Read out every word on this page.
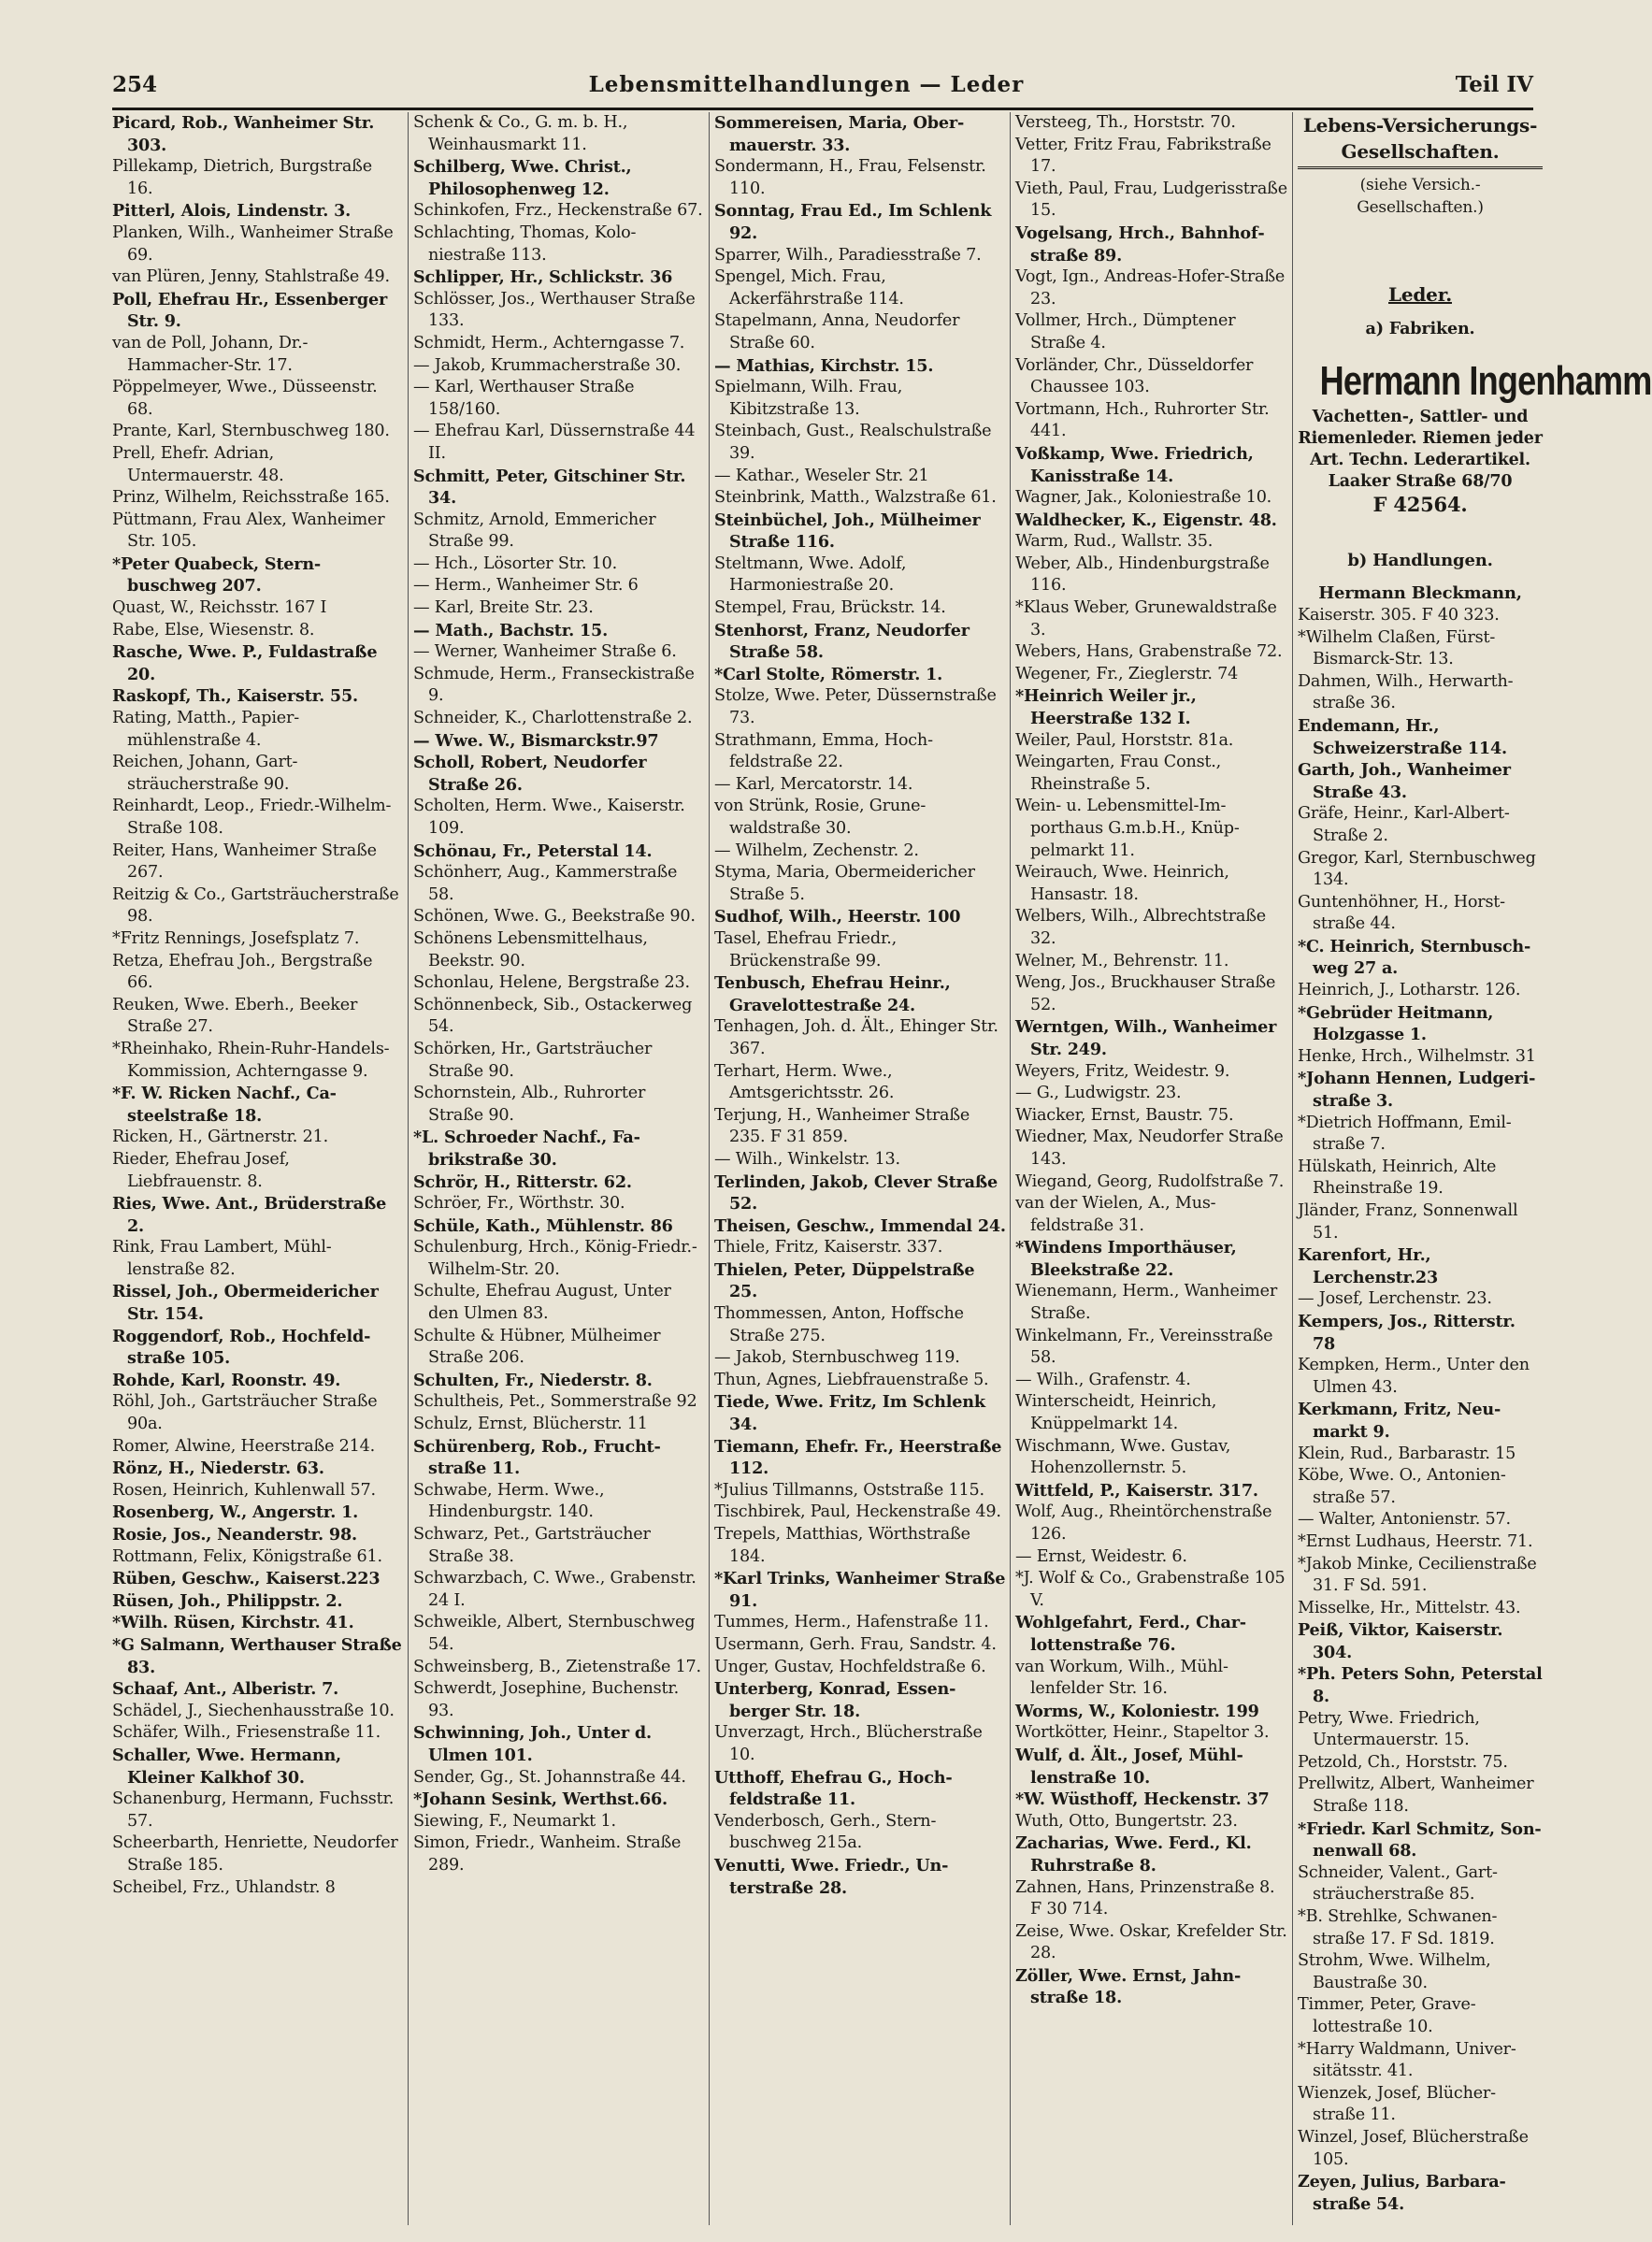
254	Lebensmittelhandlungen — Leder	Teil IV
Picard, Rob., Wanheimer Str. 303.
Pillekamp, Dietrich, Burgstraße 16.
Pitterl, Alois, Lindenstr. 3.
Planken, Wilh., Wanheimer Straße 69.
van Plüren, Jenny, Stahlstraße 49.
Poll, Ehefrau Hr., Essenberger Str. 9.
van de Poll, Johann, Dr.-Hammacher-Str. 17.
Pöppelmeyer, Wwe., Düsseenstr. 68.
Prante, Karl, Sternbuschweg 180.
Prell, Ehefr. Adrian, Untermauerstr. 48.
Prinz, Wilhelm, Reichsstraße 165.
Püttmann, Frau Alex, Wanheimer Str. 105.
*Peter Quabeck, Sternbuschweg 207.
Quast, W., Reichsstr. 167 I
Rabe, Else, Wiesenstr. 8.
Rasche, Wwe. P., Fuldastraße 20.
Raskopf, Th., Kaiserstr. 55.
Rating, Matth., Papiermühlenstraße 4.
Reichen, Johann, Gartsträucherstraße 90.
Reinhardt, Leop., Friedr.-Wilhelm-Straße 108.
Reiter, Hans, Wanheimer Straße 267.
Reitzig & Co., Gartsträucherstraße 98.
*Fritz Rennings, Josefsplatz 7.
Retza, Ehefrau Joh., Bergstraße 66.
Reuken, Wwe. Eberh., Beeker Straße 27.
*Rheinhako, Rhein-Ruhr-Handels-Kommission, Achterngasse 9.
*F. W. Ricken Nachf., Casteelstraße 18.
Ricken, H., Gärtnerstr. 21.
Rieder, Ehefrau Josef, Liebfrauenstr. 8.
Ries, Wwe. Ant., Brüderstraße 2.
Rink, Frau Lambert, Mühllenstraße 82.
Rissel, Joh., Obermeidericher Str. 154.
Roggendorf, Rob., Hochfeldstraße 105.
Rohde, Karl, Roonstr. 49.
Röhl, Joh., Gartsträucher Straße 90a.
Romer, Alwine, Heerstraße 214.
Rönz, H., Niederstr. 63.
Rosen, Heinrich, Kuhlenwall 57.
Rosenberg, W., Angerstr. 1.
Rosie, Jos., Neanderstr. 98.
Rottmann, Felix, Königstraße 61.
Rüben, Geschw., Kaiserst.223
Rüsen, Joh., Philippstr. 2.
*Wilh. Rüsen, Kirchstr. 41.
*G Salmann, Werthauser Straße 83.
Schaaf, Ant., Alberistr. 7.
Schädel, J., Siechenhausstraße 10.
Schäfer, Wilh., Friesenstraße 11.
Schaller, Wwe. Hermann, Kleiner Kalkhof 30.
Schanenburg, Hermann, Fuchsstr. 57.
Scheerbarth, Henriette, Neudorfer Straße 185.
Scheibel, Frz., Uhlandstr. 8
Schenk & Co., G. m. b. H., Weinhausmarkt 11.
Schilberg, Wwe. Christ., Philosophenweg 12.
Schinkofen, Frz., Heckenstraße 67.
Schlachting, Thomas, Koloniestraße 113.
Schlipper, Hr., Schlickstr. 36
Schlösser, Jos., Werthauser Straße 133.
Schmidt, Herm., Achterngasse 7.
— Jakob, Krummacherstraße 30.
— Karl, Werthauser Straße 158/160.
— Ehefrau Karl, Düssernstraße 44 II.
Schmitt, Peter, Gitschiner Str. 34.
Schmitz, Arnold, Emmericher Straße 99.
— Hch., Lösorter Str. 10.
— Herm., Wanheimer Str. 6
— Karl, Breite Str. 23.
— Math., Bachstr. 15.
— Werner, Wanheimer Straße 6.
Schmude, Herm., Franseckistraße 9.
Schneider, K., Charlottenstraße 2.
— Wwe. W., Bismarckstr.97
Scholl, Robert, Neudorfer Straße 26.
Scholten, Herm. Wwe., Kaiserstr. 109.
Schönau, Fr., Peterstal 14.
Schönherr, Aug., Kammerstraße 58.
Schönen, Wwe. G., Beekstraße 90.
Schönens Lebensmittelhaus, Beekstr. 90.
Schonlau, Helene, Bergstraße 23.
Schönnenbeck, Sib., Ostackerweg 54.
Schörken, Hr., Gartsträucher Straße 90.
Schornstein, Alb., Ruhrorter Straße 90.
*L. Schroeder Nachf., Fabrikstraße 30.
Schrör, H., Ritterstr. 62.
Schröer, Fr., Wörthstr. 30.
Schüle, Kath., Mühlenstr. 86
Schulenburg, Hrch., König-Friedr.-Wilhelm-Str. 20.
Schulte, Ehefrau August, Unter den Ulmen 83.
Schulte & Hübner, Mülheimer Straße 206.
Schulten, Fr., Niederstr. 8.
Schultheis, Pet., Sommerstraße 92
Schulz, Ernst, Blücherstr. 11
Schürenberg, Rob., Fruchtstraße 11.
Schwabe, Herm. Wwe., Hindenburgstr. 140.
Schwarz, Pet., Gartsträucher Straße 38.
Schwarzbach, C. Wwe., Grabenstr. 24 I.
Schweikle, Albert, Sternbuschweg 54.
Schweinsberg, B., Zietenstraße 17.
Schwerdt, Josephine, Buchenstr. 93.
Schwinning, Joh., Unter d. Ulmen 101.
Sender, Gg., St. Johannstraße 44.
*Johann Sesink, Werthst.66.
Siewing, F., Neumarkt 1.
Simon, Friedr., Wanheim. Straße 289.
Sommereisen, Maria, Obermauerstr. 33.
Sondermann, H., Frau, Felsenstr. 110.
Sonntag, Frau Ed., Im Schlenk 92.
Sparrer, Wilh., Paradiesstraße 7.
Spengel, Mich. Frau, Ackerfährstraße 114.
Stapelmann, Anna, Neudorfer Straße 60.
— Mathias, Kirchstr. 15.
Spielmann, Wilh. Frau, Kibitzstraße 13.
Steinbach, Gust., Realschulstraße 39.
— Kathar., Weseler Str. 21
Steinbrink, Matth., Walzstraße 61.
Steinbüchel, Joh., Mülheimer Straße 116.
Steltmann, Wwe. Adolf, Harmoniestraße 20.
Stempel, Frau, Brückstr. 14.
Stenhorst, Franz, Neudorfer Straße 58.
*Carl Stolte, Römerstr. 1.
Stolze, Wwe. Peter, Düssernstraße 73.
Strathmann, Emma, Hochfeldstraße 22.
— Karl, Mercatorstr. 14.
von Strünk, Rosie, Grunewaldstraße 30.
— Wilhelm, Zechenstr. 2.
Styma, Maria, Obermeidericher Straße 5.
Sudhof, Wilh., Heerstr. 100
Tasel, Ehefrau Friedr., Brückenstraße 99.
Tenbusch, Ehefrau Heinr., Gravelottestraße 24.
Tenhagen, Joh. d. Ält., Ehinger Str. 367.
Terhart, Herm. Wwe., Amtsgerichtsstr. 26.
Terjung, H., Wanheimer Straße 235. F 31 859.
— Wilh., Winkelstr. 13.
Terlinden, Jakob, Clever Straße 52.
Theisen, Geschw., Immendal 24.
Thiele, Fritz, Kaiserstr. 337.
Thielen, Peter, Düppelstraße 25.
Thommessen, Anton, Hoffsche Straße 275.
— Jakob, Sternbuschweg 119.
Thun, Agnes, Liebfrauenstraße 5.
Tiede, Wwe. Fritz, Im Schlenk 34.
Tiemann, Ehefr. Fr., Heerstraße 112.
*Julius Tillmanns, Oststraße 115.
Tischbirek, Paul, Heckenstraße 49.
Trepels, Matthias, Wörthstraße 184.
*Karl Trinks, Wanheimer Straße 91.
Tummes, Herm., Hafenstraße 11.
Usermann, Gerh. Frau, Sandstr. 4.
Unger, Gustav, Hochfeldstraße 6.
Unterberg, Konrad, Essenberger Str. 18.
Unverzagt, Hrch., Blücherstraße 10.
Utthoff, Ehefrau G., Hochfeldstraße 11.
Venderbosch, Gerh., Sternbuschweg 215a.
Venutti, Wwe. Friedr., Unterstraße 28.
Versteeg, Th., Horststr. 70.
Vetter, Fritz Frau, Fabrikstraße 17.
Vieth, Paul, Frau, Ludgerisstraße 15.
Vogelsang, Hrch., Bahnhofstraße 89.
Vogt, Ign., Andreas-Hofer-Straße 23.
Vollmer, Hrch., Dümptener Straße 4.
Vorländer, Chr., Düsseldorfer Chaussee 103.
Vortmann, Hch., Ruhrorter Str. 441.
Voßkamp, Wwe. Friedrich, Kanisstraße 14.
Wagner, Jak., Koloniestraße 10.
Waldhecker, K., Eigenstr. 48.
Warm, Rud., Wallstr. 35.
Weber, Alb., Hindenburgstraße 116.
*Klaus Weber, Grunewaldstraße 3.
Webers, Hans, Grabenstraße 72.
Wegener, Fr., Zieglerstr. 74
*Heinrich Weiler jr., Heerstraße 132 I.
Weiler, Paul, Horststr. 81a.
Weingarten, Frau Const., Rheinstraße 5.
Wein- u. Lebensmittel-Importhaus G.m.b.H., Knüppelmarkt 11.
Weirauch, Wwe. Heinrich, Hansastr. 18.
Welbers, Wilh., Albrechtstraße 32.
Welner, M., Behrenstr. 11.
Weng, Jos., Bruckhauser Straße 52.
Werntgen, Wilh., Wanheimer Str. 249.
Weyers, Fritz, Weidestr. 9.
— G., Ludwigstr. 23.
Wiacker, Ernst, Baustr. 75.
Wiedner, Max, Neudorfer Straße 143.
Wiegand, Georg, Rudolfstraße 7.
van der Wielen, A., Musfeldstraße 31.
*Windens Importhäuser, Bleekstraße 22.
Wienemann, Herm., Wanheimer Straße.
Winkelmann, Fr., Vereinsstraße 58.
— Wilh., Grafenstr. 4.
Winterscheidt, Heinrich, Knüppelmarkt 14.
Wischmann, Wwe. Gustav, Hohenzollernstr. 5.
Wittfeld, P., Kaiserstr. 317.
Wolf, Aug., Rheintörchenstraße 126.
— Ernst, Weidestr. 6.
*J. Wolf & Co., Grabenstraße 105 V.
Wohlgefahrt, Ferd., Charlottenstraße 76.
van Workum, Wilh., Mühllenfelder Str. 16.
Worms, W., Koloniestr. 199
Wortkötter, Heinr., Stapeltor 3.
Wulf, d. Ält., Josef, Mühllenstraße 10.
*W. Wüsthoff, Heckenstr. 37
Wuth, Otto, Bungertstr. 23.
Zacharias, Wwe. Ferd., Kl. Ruhrstraße 8.
Zahnen, Hans, Prinzenstraße 8. F 30 714.
Zeise, Wwe. Oskar, Krefelder Str. 28.
Zöller, Wwe. Ernst, Jahnstraße 18.
Lebens-Versicherungs-Gesellschaften.
(siehe Versich.-Gesellschaften.)
Leder.
a) Fabriken.
Hermann Ingenhamm
Vachetten-, Sattler- und
Riemenleder. Riemen jeder
Art. Techn. Lederartikel.
Laaker Straße 68/70
F 42564.
b) Handlungen.
Hermann Bleckmann,
Kaiserstr. 305. F 40 323.
*Wilhelm Claßen, Fürst-Bismarck-Str. 13.
Dahmen, Wilh., Herwarthstraße 36.
Endemann, Hr., Schweizerstraße 114.
Garth, Joh., Wanheimer Straße 43.
Gräfe, Heinr., Karl-Albert-Straße 2.
Gregor, Karl, Sternbuschweg 134.
Guntenhöhner, H., Horststraße 44.
*C. Heinrich, Sternbuschweg 27 a.
Heinrich, J., Lotharstr. 126.
*Gebrüder Heitmann, Holzgasse 1.
Henke, Hrch., Wilhelmstr. 31
*Johann Hennen, Ludgeristraße 3.
*Dietrich Hoffmann, Emilstraße 7.
Hülskath, Heinrich, Alte Rheinstraße 19.
Jländer, Franz, Sonnenwall 51.
Karenfort, Hr., Lerchenstr.23
— Josef, Lerchenstr. 23.
Kempers, Jos., Ritterstr. 78
Kempken, Herm., Unter den Ulmen 43.
Kerkmann, Fritz, Neumarkt 9.
Klein, Rud., Barbarastr. 15
Köbe, Wwe. O., Antonienstraße 57.
— Walter, Antonienstr. 57.
*Ernst Ludhaus, Heerstr. 71.
*Jakob Minke, Cecilienstraße 31. F Sd. 591.
Misselke, Hr., Mittelstr. 43.
Peiß, Viktor, Kaiserstr. 304.
*Ph. Peters Sohn, Peterstal 8.
Petry, Wwe. Friedrich, Untermauerstr. 15.
Petzold, Ch., Horststr. 75.
Prellwitz, Albert, Wanheimer Straße 118.
*Friedr. Karl Schmitz, Sonnenwall 68.
Schneider, Valent., Gartsträucherstraße 85.
*B. Strehlke, Schwanenstraße 17. F Sd. 1819.
Strohm, Wwe. Wilhelm, Baustraße 30.
Timmer, Peter, Gravelottestraße 10.
*Harry Waldmann, Universitätsstr. 41.
Wienzek, Josef, Blücherstraße 11.
Winzel, Josef, Blücherstraße 105.
Zeyen, Julius, Barbarastraße 54.
